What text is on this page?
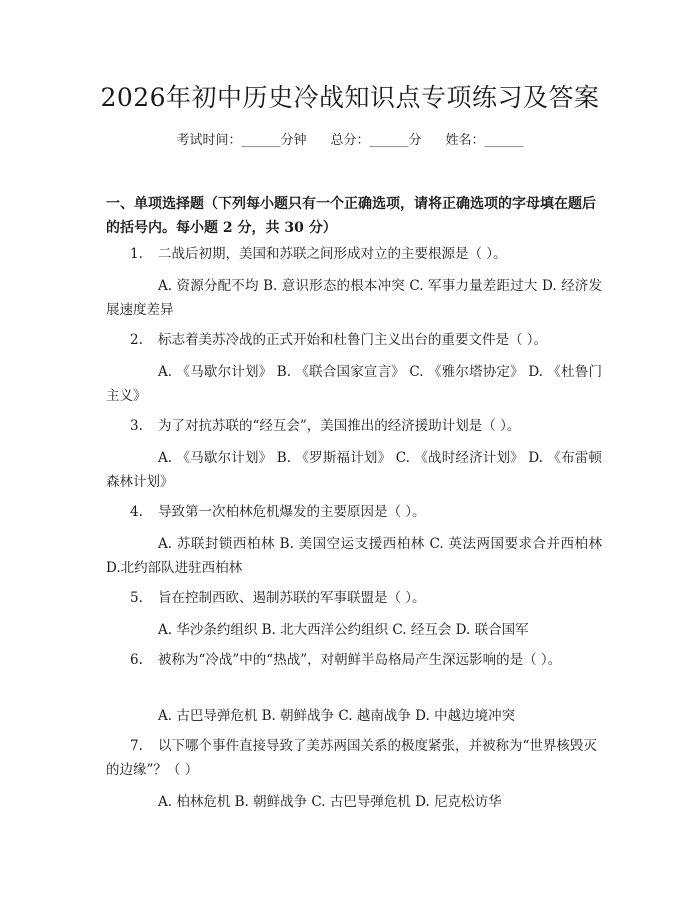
2026年初中历史冷战知识点专项练习及答案
考试时间：______分钟 总分：______分 姓名：______
一、单项选择题（下列每小题只有一个正确选项，请将正确选项的字母填在题后的括号内。每小题 2 分，共 30 分）
1. 二战后初期，美国和苏联之间形成对立的主要根源是（ ）。
A. 资源分配不均 B. 意识形态的根本冲突 C. 军事力量差距过大 D. 经济发展速度差异
2. 标志着美苏冷战的正式开始和杜鲁门主义出台的重要文件是（ ）。
A. 《马歇尔计划》 B. 《联合国家宣言》 C. 《雅尔塔协定》 D. 《杜鲁门主义》
3. 为了对抗苏联的“经互会”，美国推出的经济援助计划是（ ）。
A. 《马歇尔计划》 B. 《罗斯福计划》 C. 《战时经济计划》 D. 《布雷顿森林计划》
4. 导致第一次柏林危机爆发的主要原因是（ ）。
A. 苏联封锁西柏林 B. 美国空运支援西柏林 C. 英法两国要求合并西柏林 D.北约部队进驻西柏林
5. 旨在控制西欧、遏制苏联的军事联盟是（ ）。
A. 华沙条约组织 B. 北大西洋公约组织 C. 经互会 D. 联合国军
6. 被称为“冷战”中的“热战”，对朝鲜半岛格局产生深远影响的是（ ）。
A. 古巴导弹危机 B. 朝鲜战争 C. 越南战争 D. 中越边境冲突
7. 以下哪个事件直接导致了美苏两国关系的极度紧张，并被称为“世界核毁灭的边缘”？（ ）
A. 柏林危机 B. 朝鲜战争 C. 古巴导弹危机 D. 尼克松访华
